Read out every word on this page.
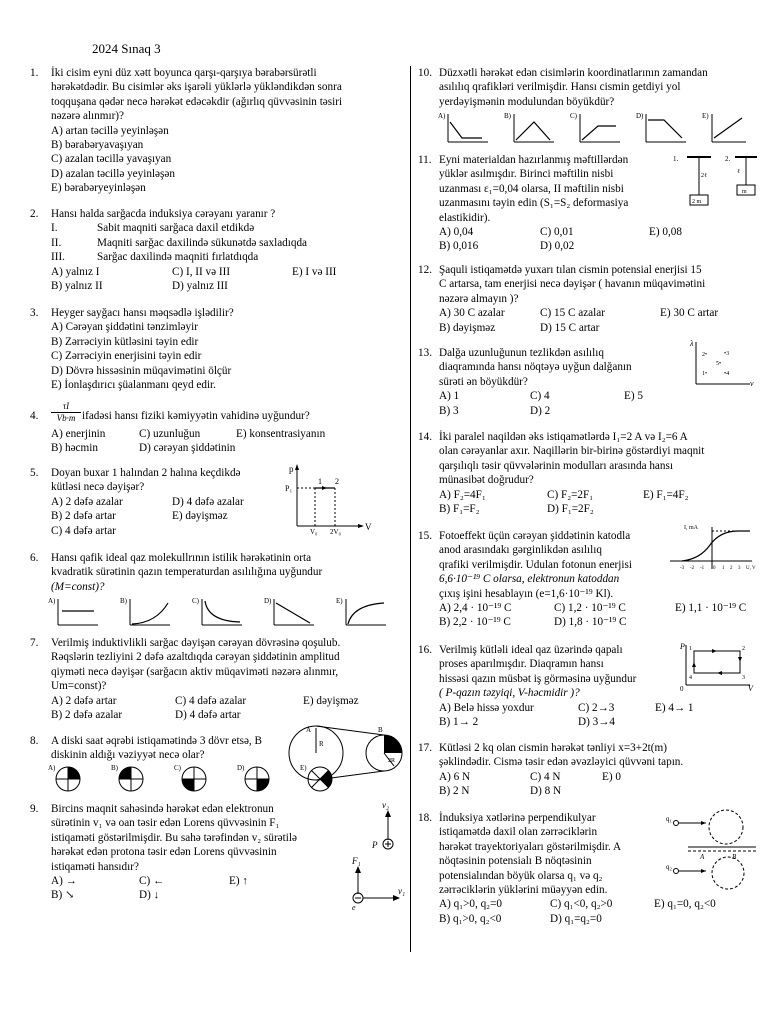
2024 Sınaq 3
1. İki cisim eyni düz xətt boyunca qarşı-qarşıya bərabərsürətli
hərəkətdədir. Bu cisimlər əks işarəli yüklərlə yükləndikdən sonra
toqquşana qədər necə hərəkət edəcəkdir (ağırlıq qüvvəsinin təsiri
nəzərə alınmır)?
A) artan təcillə yeyinləşən
B) bərabəryavaşıyan
C) azalan təcillə yavaşıyan
D) azalan təcillə yeyinləşən
E) bərabəryeyinləşən
2. Hansı halda sarğacda induksiya cərəyanı yaranır ?
I.	Sabit maqniti sarğaca daxil etdikdə
II.	Maqniti sarğac daxilində sükunətdə saxladıqda
III.	Sarğac daxilində maqniti fırlatdıqda
A) yalnız I	C) I, II və III	E) I və III
B) yalnız II	D) yalnız III
3. Heyger sayğacı hansı məqsədlə işlədilir?
A) Cərəyan şiddətini tənzimləyir
B) Zərrəciyin kütləsini təyin edir
C) Zərrəciyin enerjisini təyin edir
D) Dövrə hissəsinin müqavimətini ölçür
E) İonlaşdırıcı şüalanmanı qeyd edir.
4.
τI
Vb·m ifadəsi hansı fiziki kəmiyyətin vahidinə uyğundur?
A) enerjinin	C) uzunluğun	E) konsentrasiyanın
B) həcmin	D) cərəyan şiddətinin
5. Doyan buxar 1 halından 2 halına keçdikdə
kütləsi necə dəyişər?
A) 2 dəfə azalar	D) 4 dəfə azalar
B) 2 dəfə artar	E) dəyişməz
C) 4 dəfə artar
p
P₁
V
V₀ 2V₀
1 2
6. Hansı qafik ideal qaz molekullrının istilik hərəkətinin orta
kvadratik sürətinin qazın temperaturdan asılılığına uyğundur
(M=const)?
A)	B)	C)	D)	E)
7. Verilmiş induktivlikli sarğac dəyişən cərəyan dövrəsinə qoşulub.
Rəqslərin tezliyini 2 dəfə azaltdıqda cərəyan şiddətinin amplitud
qiyməti necə dəyişər (sarğacın aktiv müqaviməti nəzərə alınmır,
Um=const)?
A) 2 dəfə artar	C) 4 dəfə azalar	E) dəyişməz
B) 2 dəfə azalar	D) 4 dəfə artar
8. A diski saat əqrəbi istiqamətində 3 dövr etsə, B
diskinin aldığı vəziyyət necə olar?
A
R
B
2R
A)	B)	C)	D)	E)
9. Bircins maqnit sahəsində hərəkət edən elektronun
sürətinin v₁ və oan təsir edən Lorens qüvvəsinin F₁
istiqaməti göstərilmişdir. Bu sahə tərəfindən v₂ sürətilə
hərəkət edən protona təsir edən Lorens qüvvəsinin
istiqaməti hansıdır?
A) →	C) ←	E) ↑
B) ↘	D) ↓
v₂
P
F₁
e
v₁
10. Düzxətli hərəkət edən cisimlərin koordinatlarının zamandan
asılılıq qrafikləri verilmişdir. Hansı cismin getdiyi yol
yerdəyişmənin modulundan böyükdür?
A)	B)	C)	D)	E)
11. Eyni materialdan hazırlanmış məftillərdən
yüklər asılmışdır. Birinci məftilin nisbi
uzanması ε₁=0,04 olarsa, II məftilin nisbi
uzanmasını təyin edin (S₁=S₂ deformasiya
elastikidir).
A) 0,04	C) 0,01	E) 0,08
B) 0,016	D) 0,02
1.	2.
2 m
2ℓ
m
ℓ
12. Şaquli istiqamətdə yuxarı tılan cismin potensial enerjisi 15
C artarsa, tam enerjisi necə dəyişər ( havanın müqavimətini
nəzərə almayın )?
A) 30 C azalar	C) 15 C azalar	E) 30 C artar
B) dəyişməz	D) 15 C artar
13. Dalğa uzunluğunun tezlikdən asılılıq
diaqramında hansı nöqtəyə uyğun dalğanın
sürəti ən böyükdür?
A) 1	C) 4	E) 5
B) 3	D) 2
λ
ν
2•	•3
5•
1•	•4
14. İki paralel naqildən əks istiqamətlərdə I₁=2 A və I₂=6 A
olan cərəyanlar axır. Naqillərin bir-birinə göstərdiyi maqnit
qarşılıqlı təsir qüvvələrinin modulları arasında hansı
münasibət doğrudur?
A) F₂=4F₁	C) F₂=2F₁	E) F₁=4F₂
B) F₁=F₂	D) F₁=2F₂
15. Fotoeffekt üçün cərəyan şiddətinin katodla
anod arasındakı gərginlikdən asılılıq
qrafiki verilmişdir. Udulan fotonun enerjisi
6,6·10⁻¹⁹ C olarsa, elektronun katoddan
çıxış işini hesablayın (e=1,6·10⁻¹⁹ Kl).
A) 2,4 · 10⁻¹⁹ C	C) 1,2 · 10⁻¹⁹ C	E) 1,1 · 10⁻¹⁹ C
B) 2,2 · 10⁻¹⁹ C	D) 1,8 · 10⁻¹⁹ C
I, mA
U, V
-3 -2 -1 0 1 2 3
16. Verilmiş kütləli ideal qaz üzərində qapalı
proses aparılmışdır. Diaqramın hansı
hissəsi qazın müsbət iş görməsinə uyğundur
( P-qazın təzyiqi, V-həcmidir )?
A) Belə hissə yoxdur	C) 2→3	E) 4→ 1
B) 1→ 2	D) 3→4
P
V
0
1	2
3
4
17. Kütləsi 2 kq olan cismin hərəkət tənliyi x=3+2t(m)
şəklindədir. Cismə təsir edən əvəzləyici qüvvəni tapın.
A) 6 N	C) 4 N	E) 0
B) 2 N	D) 8 N
18. İnduksiya xətlərinə perpendikulyar
istiqamətdə daxil olan zərrəciklərin
hərəkət trayektoriyaları göstərilmişdir. A
nöqtəsinin potensialı B nöqtəsinin
potensialından böyük olarsa q₁ və q₂
zərrəciklərin yüklərini müəyyən edin.
A) q₁>0, q₂=0	C) q₁<0, q₂>0	E) q₁=0, q₂<0
B) q₁>0, q₂<0	D) q₁=q₂=0
q₁
A	B
q₂
